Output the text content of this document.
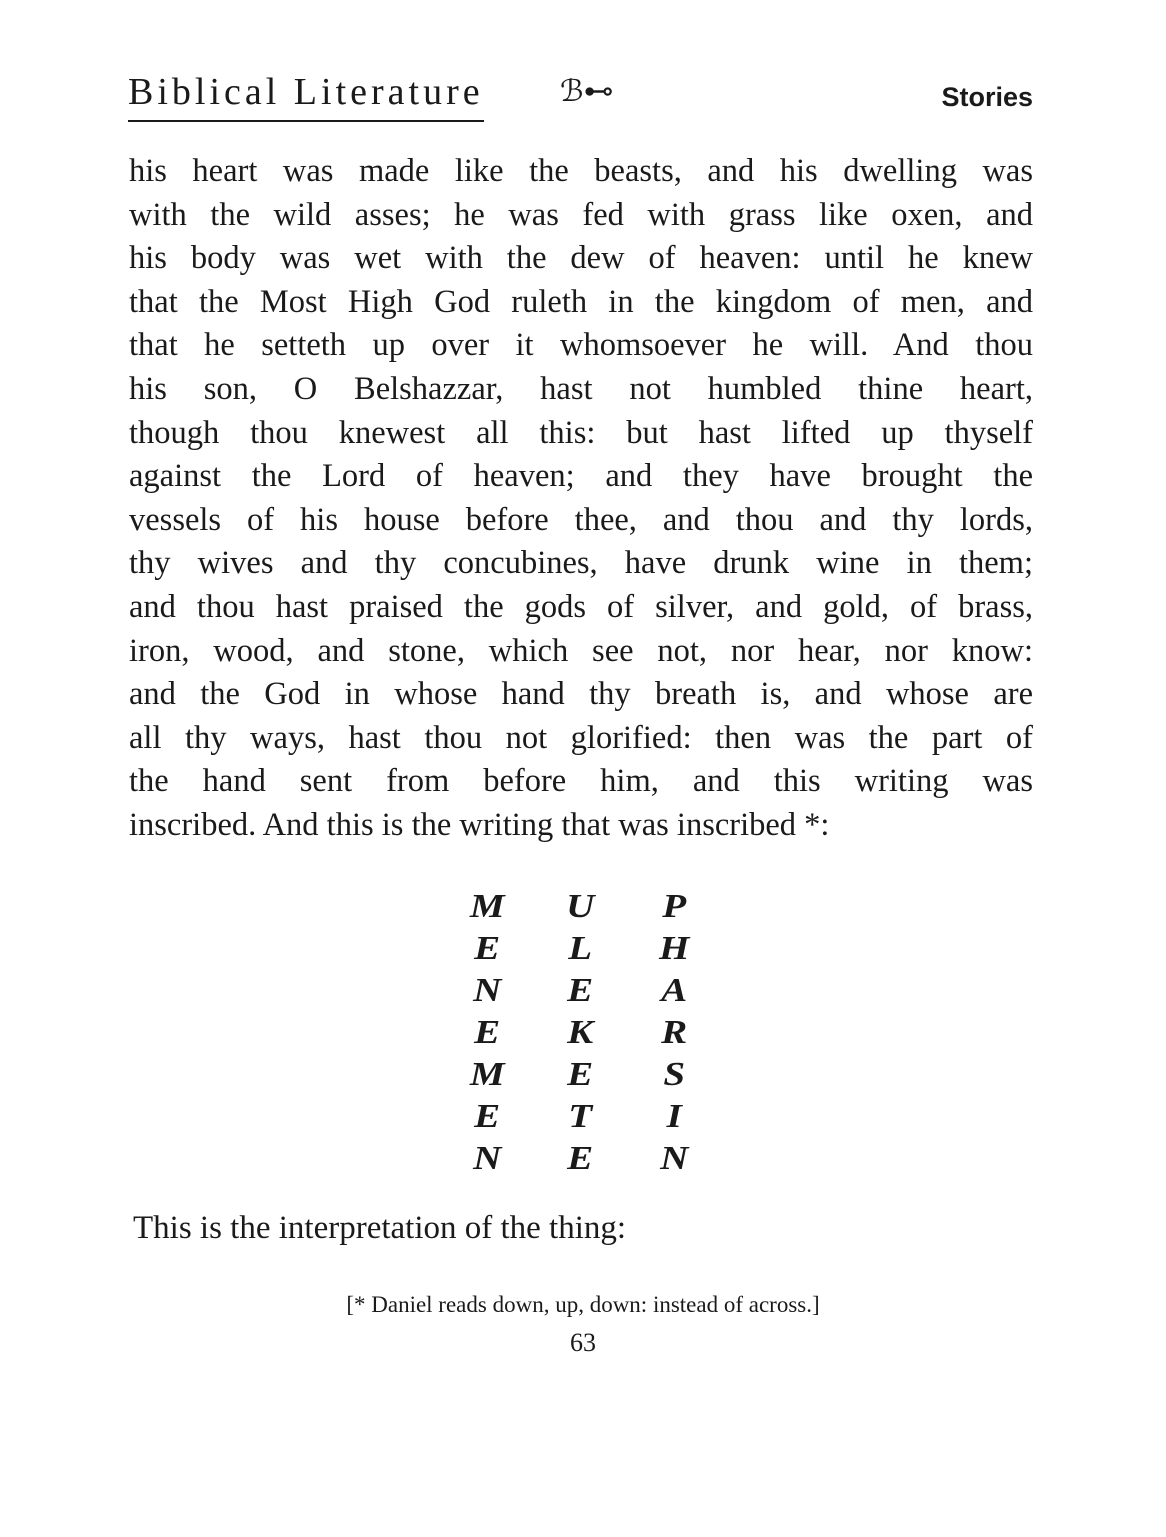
Biblical Literature	ℬ⊷	Stories
his heart was made like the beasts, and his dwelling was
with the wild asses; he was fed with grass like oxen, and
his body was wet with the dew of heaven: until he knew
that the Most High God ruleth in the kingdom of men, and
that he setteth up over it whomsoever he will. And thou
his son, O Belshazzar, hast not humbled thine heart,
though thou knewest all this: but hast lifted up thyself
against the Lord of heaven; and they have brought the
vessels of his house before thee, and thou and thy lords,
thy wives and thy concubines, have drunk wine in them;
and thou hast praised the gods of silver, and gold, of brass,
iron, wood, and stone, which see not, nor hear, nor know:
and the God in whose hand thy breath is, and whose are
all thy ways, hast thou not glorified: then was the part of
the hand sent from before him, and this writing was
inscribed. And this is the writing that was inscribed *:
M	U	P
E	L	H
N	E	A
E	K	R
M	E	S
E	T	I
N	E	N
This is the interpretation of the thing:
[* Daniel reads down, up, down: instead of across.]
63
